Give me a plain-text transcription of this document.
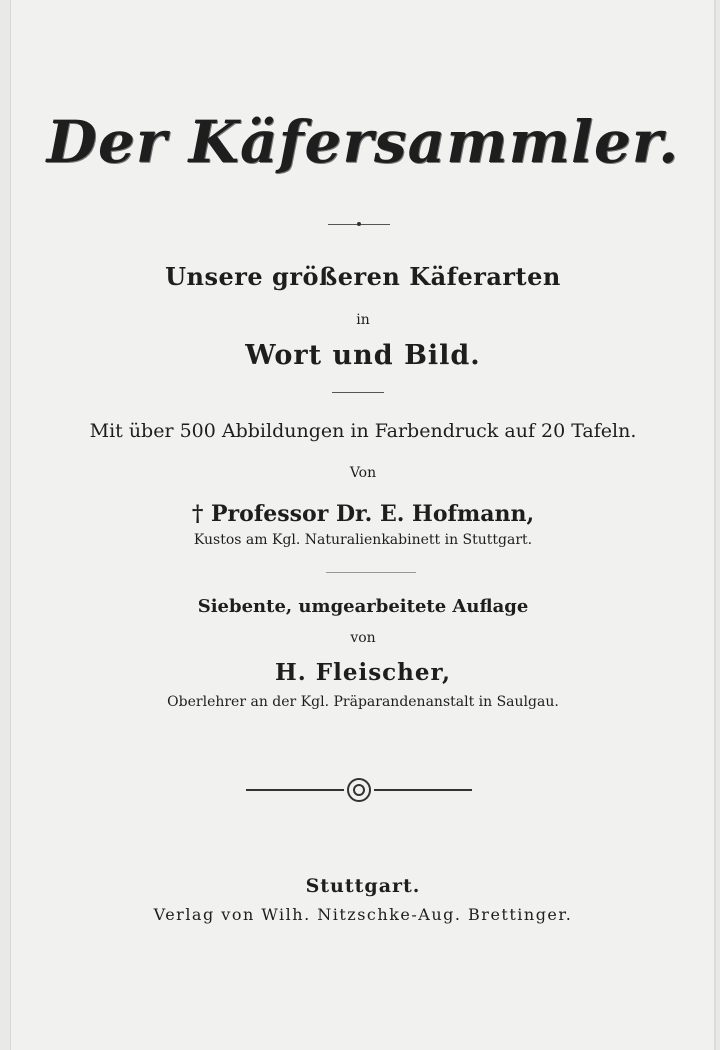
Der Käfersammler.
Unsere größeren Käferarten
in
Wort und Bild.
Mit über 500 Abbildungen in Farbendruck auf 20 Tafeln.
Von
† Professor Dr. E. Hofmann,
Kustos am Kgl. Naturalienkabinett in Stuttgart.
Siebente, umgearbeitete Auflage
von
H. Fleischer,
Oberlehrer an der Kgl. Präparandenanstalt in Saulgau.
Stuttgart.
Verlag von Wilh. Nitzschke-Aug. Brettinger.
